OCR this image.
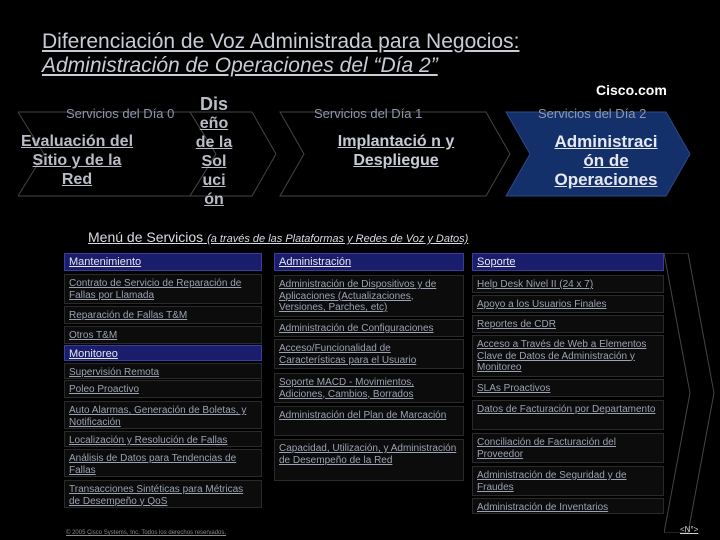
Diferenciación de Voz Administrada para Negocios:
Administración de Operaciones del “Día 2”
Cisco.com
Servicios del Día 0
Evaluación del Sitio y de la Red
Dis
eño de la Sol uci ón
Servicios del Día 1
Implantació n y Despliegue
Servicios del Día 2
Administraci ón de Operaciones
Menú de Servicios (a través de las Plataformas y Redes de Voz y Datos)
Mantenimiento
Contrato de Servicio de Reparación de Fallas por Llamada
Reparación de Fallas T&M
Otros T&M
Monitoreo
Supervisión Remota
Poleo Proactivo
Auto Alarmas, Generación de Boletas, y Notificación
Localización y Resolución de Fallas
Análisis de Datos para Tendencias de Fallas
Transacciones Sintéticas para Métricas de Desempeño y QoS
Administración
Administración de Dispositivos y de Aplicaciones (Actualizaciones, Versiones, Parches, etc)
Administración de Configuraciones
Acceso/Funcionalidad de Características para el Usuario
Soporte MACD - Movimientos, Adiciones, Cambios, Borrados
Administración del Plan de Marcación
Capacidad, Utilización, y Administración de Desempeño de la Red
Soporte
Help Desk Nivel II (24 x 7)
Apoyo a los Usuarios Finales
Reportes de CDR
Acceso a Través de Web a Elementos Clave de Datos de Administración y Monitoreo
SLAs Proactivos
Datos de Facturación por Departamento
Conciliación de Facturación del Proveedor
Administración de Seguridad y de Fraudes
Administración de Inventarios
© 2005 Cisco Systems, Inc. Todos los derechos reservados.	<N°>
